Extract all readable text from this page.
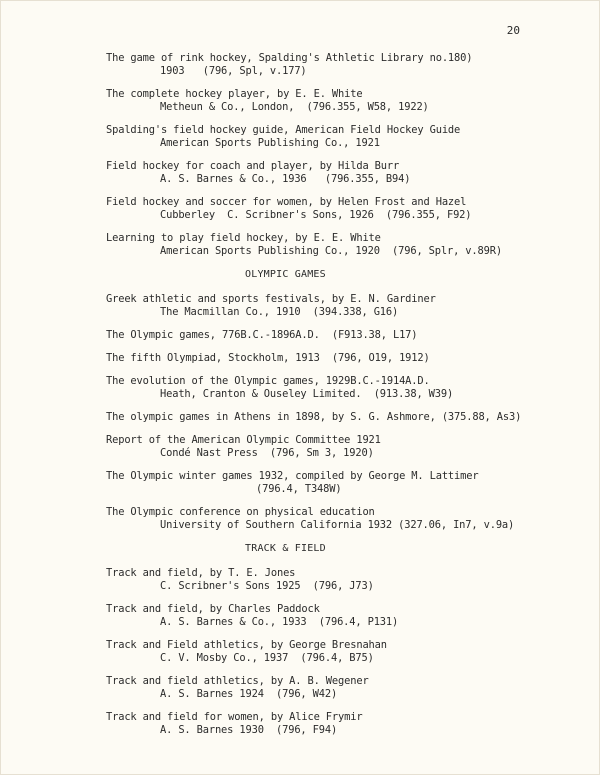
20
The game of rink hockey, Spalding's Athletic Library no.180)
1903   (796, Spl, v.177)
The complete hockey player, by E. E. White
Metheun & Co., London,  (796.355, W58, 1922)
Spalding's field hockey guide, American Field Hockey Guide
American Sports Publishing Co., 1921
Field hockey for coach and player, by Hilda Burr
A. S. Barnes & Co., 1936   (796.355, B94)
Field hockey and soccer for women, by Helen Frost and Hazel
Cubberley  C. Scribner's Sons, 1926  (796.355, F92)
Learning to play field hockey, by E. E. White
American Sports Publishing Co., 1920  (796, Splr, v.89R)
OLYMPIC GAMES
Greek athletic and sports festivals, by E. N. Gardiner
The Macmillan Co., 1910  (394.338, G16)
The Olympic games, 776B.C.-1896A.D.  (F913.38, L17)
The fifth Olympiad, Stockholm, 1913  (796, O19, 1912)
The evolution of the Olympic games, 1929B.C.-1914A.D.
Heath, Cranton & Ouseley Limited.  (913.38, W39)
The olympic games in Athens in 1898, by S. G. Ashmore, (375.88, As3)
Report of the American Olympic Committee 1921
Condé Nast Press  (796, Sm 3, 1920)
The Olympic winter games 1932, compiled by George M. Lattimer
(796.4, T348W)
The Olympic conference on physical education
University of Southern California 1932 (327.06, In7, v.9a)
TRACK & FIELD
Track and field, by T. E. Jones
C. Scribner's Sons 1925  (796, J73)
Track and field, by Charles Paddock
A. S. Barnes & Co., 1933  (796.4, P131)
Track and Field athletics, by George Bresnahan
C. V. Mosby Co., 1937  (796.4, B75)
Track and field athletics, by A. B. Wegener
A. S. Barnes 1924  (796, W42)
Track and field for women, by Alice Frymir
A. S. Barnes 1930  (796, F94)
